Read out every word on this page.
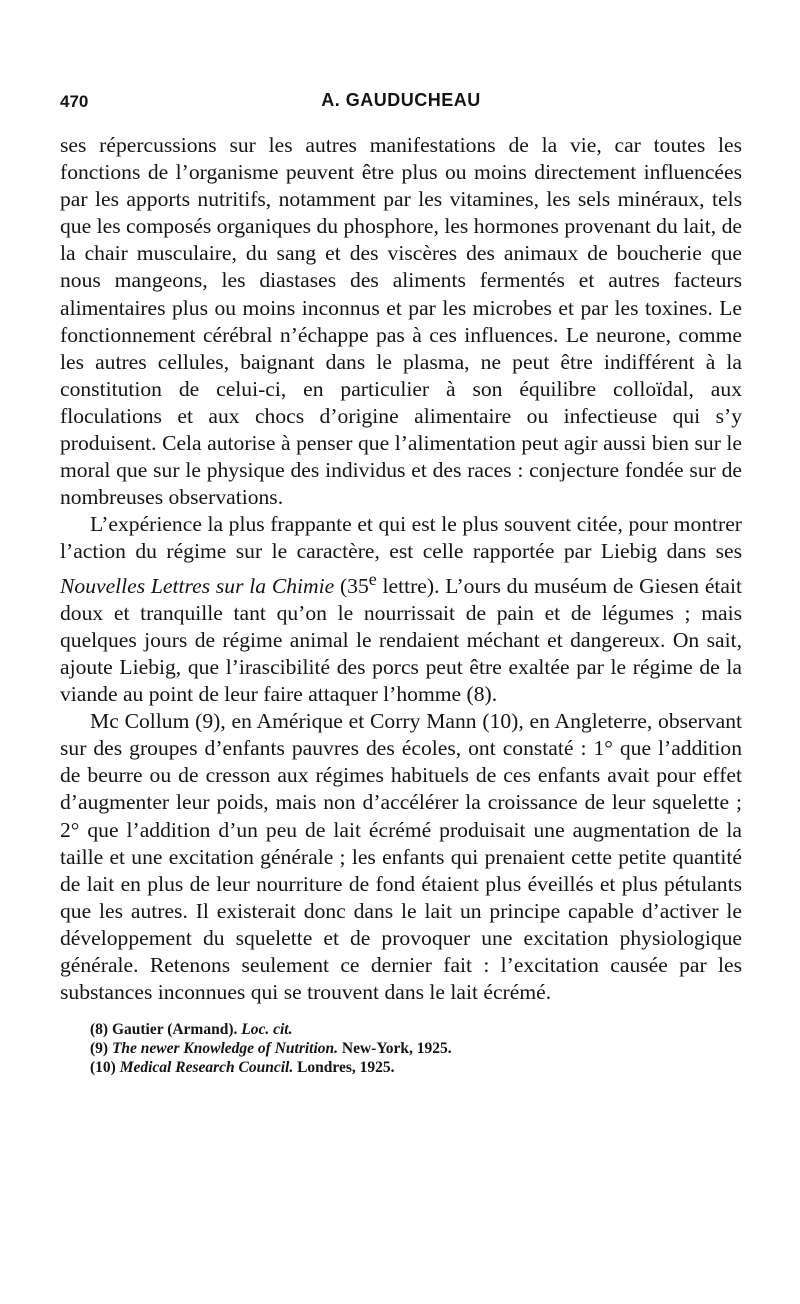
470	A. GAUDUCHEAU

ses répercussions sur les autres manifestations de la vie, car toutes les fonctions de l’organisme peuvent être plus ou moins directement influencées par les apports nutritifs, notamment par les vitamines, les sels minéraux, tels que les composés organiques du phosphore, les hormones provenant du lait, de la chair musculaire, du sang et des viscères des animaux de boucherie que nous mangeons, les diastases des aliments fermentés et autres facteurs alimentaires plus ou moins inconnus et par les microbes et par les toxines. Le fonctionnement cérébral n’échappe pas à ces influences. Le neurone, comme les autres cellules, baignant dans le plasma, ne peut être indifférent à la constitution de celui-ci, en particulier à son équilibre colloïdal, aux floculations et aux chocs d’origine alimentaire ou infectieuse qui s’y produisent. Cela autorise à penser que l’alimentation peut agir aussi bien sur le moral que sur le physique des individus et des races : conjecture fondée sur de nombreuses observations.

L’expérience la plus frappante et qui est le plus souvent citée, pour montrer l’action du régime sur le caractère, est celle rapportée par Liebig dans ses Nouvelles Lettres sur la Chimie (35e lettre). L’ours du muséum de Giesen était doux et tranquille tant qu’on le nourrissait de pain et de légumes ; mais quelques jours de régime animal le rendaient méchant et dangereux. On sait, ajoute Liebig, que l’irascibilité des porcs peut être exaltée par le régime de la viande au point de leur faire attaquer l’homme (8).

Mc Collum (9), en Amérique et Corry Mann (10), en Angleterre, observant sur des groupes d’enfants pauvres des écoles, ont constaté : 1° que l’addition de beurre ou de cresson aux régimes habituels de ces enfants avait pour effet d’augmenter leur poids, mais non d’accélérer la croissance de leur squelette ; 2° que l’addition d’un peu de lait écrémé produisait une augmentation de la taille et une excitation générale ; les enfants qui prenaient cette petite quantité de lait en plus de leur nourriture de fond étaient plus éveillés et plus pétulants que les autres. Il existerait donc dans le lait un principe capable d’activer le développement du squelette et de provoquer une excitation physiologique générale. Retenons seulement ce dernier fait : l’excitation causée par les substances inconnues qui se trouvent dans le lait écrémé.

(8) Gautier (Armand). Loc. cit.
(9) The newer Knowledge of Nutrition. New-York, 1925.
(10) Medical Research Council. Londres, 1925.
